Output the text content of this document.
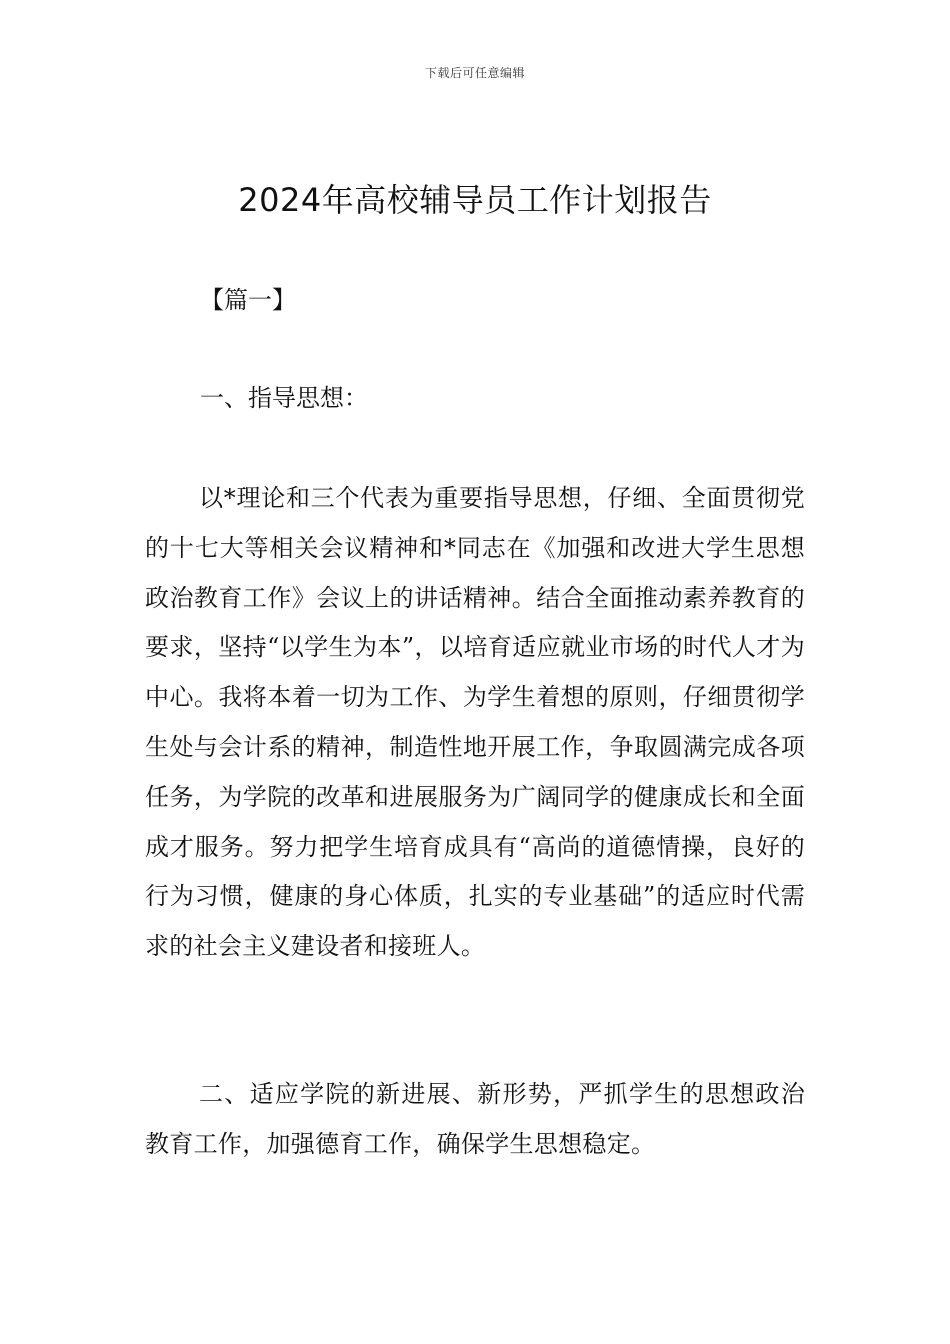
下载后可任意编辑
2024年高校辅导员工作计划报告
【篇一】
一、指导思想：

以*理论和三个代表为重要指导思想，仔细、全面贯彻党的十七大等相关会议精神和*同志在《加强和改进大学生思想政治教育工作》会议上的讲话精神。结合全面推动素养教育的要求，坚持“以学生为本”，以培育适应就业市场的时代人才为中心。我将本着一切为工作、为学生着想的原则，仔细贯彻学生处与会计系的精神，制造性地开展工作，争取圆满完成各项任务，为学院的改革和进展服务为广阔同学的健康成长和全面成才服务。努力把学生培育成具有“高尚的道德情操，良好的行为习惯，健康的身心体质，扎实的专业基础”的适应时代需求的社会主义建设者和接班人。

二、适应学院的新进展、新形势，严抓学生的思想政治教育工作，加强德育工作，确保学生思想稳定。
